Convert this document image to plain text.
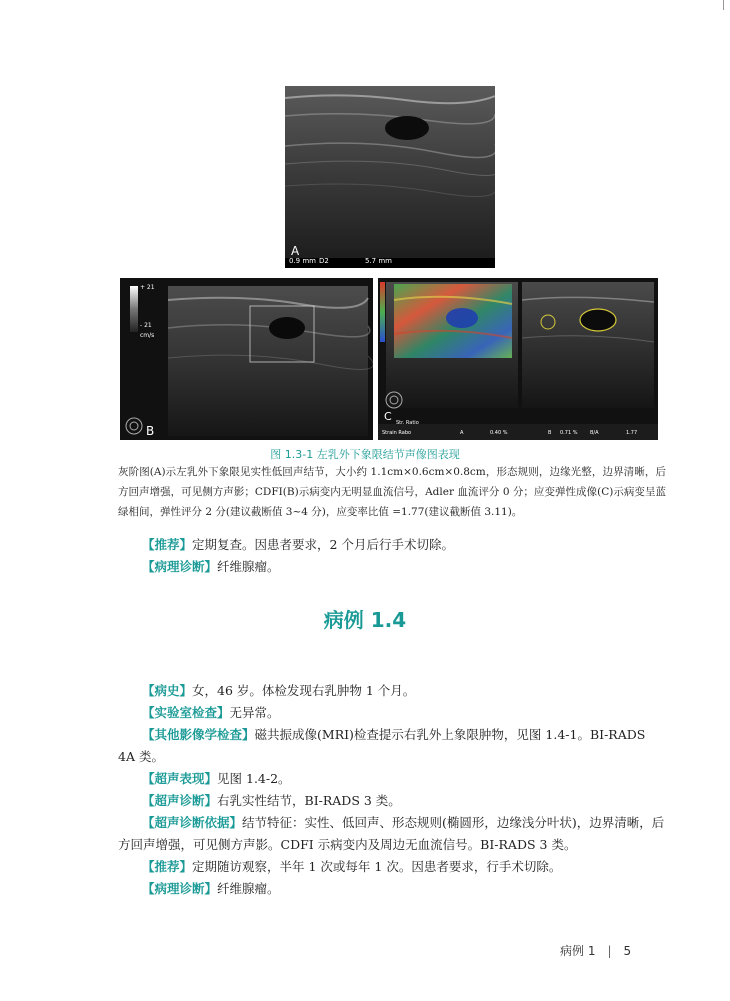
A
0.9 mm D2	5.7 mm
+ 21
- 21
cm/s
B
C Str. Ratio
Strain Rabo	A	0.40 %	B 0.71 %	B/A	1.77
图 1.3-1 左乳外下象限结节声像图表现

灰阶图(A)示左乳外下象限见实性低回声结节，大小约 1.1cm×0.6cm×0.8cm，形态规则，边缘光整，边界清晰，后方回声增强，可见侧方声影；CDFI(B)示病变内无明显血流信号，Adler 血流评分 0 分；应变弹性成像(C)示病变呈蓝绿相间，弹性评分 2 分(建议截断值 3~4 分)，应变率比值 =1.77(建议截断值 3.11)。

【推荐】定期复查。因患者要求，2 个月后行手术切除。

【病理诊断】纤维腺瘤。

病例 1.4

【病史】女，46 岁。体检发现右乳肿物 1 个月。

【实验室检查】无异常。

【其他影像学检查】磁共振成像(MRI)检查提示右乳外上象限肿物，见图 1.4-1。BI-RADS 4A 类。

【超声表现】见图 1.4-2。

【超声诊断】右乳实性结节，BI-RADS 3 类。

【超声诊断依据】结节特征：实性、低回声、形态规则(椭圆形，边缘浅分叶状)，边界清晰，后方回声增强，可见侧方声影。CDFI 示病变内及周边无血流信号。BI-RADS 3 类。

【推荐】定期随访观察，半年 1 次或每年 1 次。因患者要求，行手术切除。

【病理诊断】纤维腺瘤。

病例 1 | 5
